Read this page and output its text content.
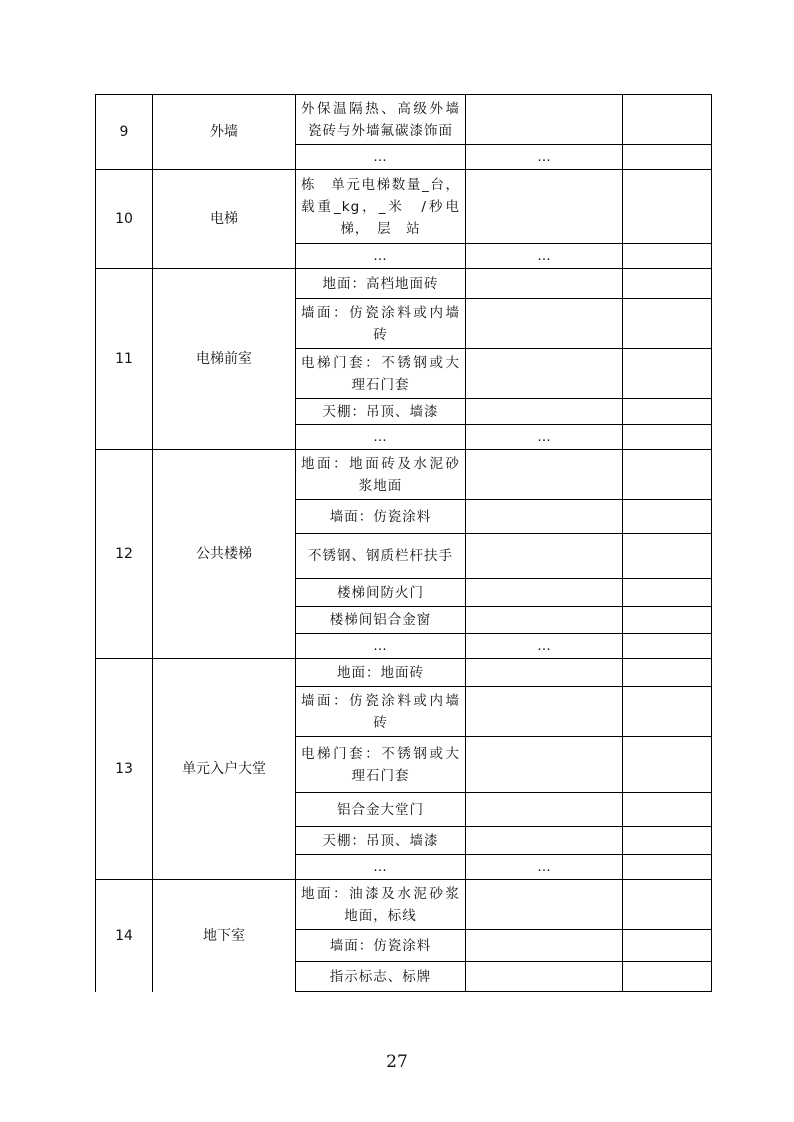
9	外墙	外保温隔热、高级外墙瓷砖与外墙氟碳漆饰面		
		…	…	
10	电梯	栋　单元电梯数量_台，载重_kg，_米　/秒电梯，　层　站		
		…	…	
11	电梯前室	地面：高档地面砖		
		墙面：仿瓷涂料或内墙砖		
		电梯门套：不锈钢或大理石门套		
		天棚：吊顶、墙漆		
		…	…	
12	公共楼梯	地面：地面砖及水泥砂浆地面		
		墙面：仿瓷涂料		
		不锈钢、钢质栏杆扶手		
		楼梯间防火门		
		楼梯间铝合金窗		
		…	…	
13	单元入户大堂	地面：地面砖		
		墙面：仿瓷涂料或内墙砖		
		电梯门套：不锈钢或大理石门套		
		铝合金大堂门		
		天棚：吊顶、墙漆		
		…	…	
14	地下室	地面：油漆及水泥砂浆地面，标线		
		墙面：仿瓷涂料		
		指示标志、标牌		
27
